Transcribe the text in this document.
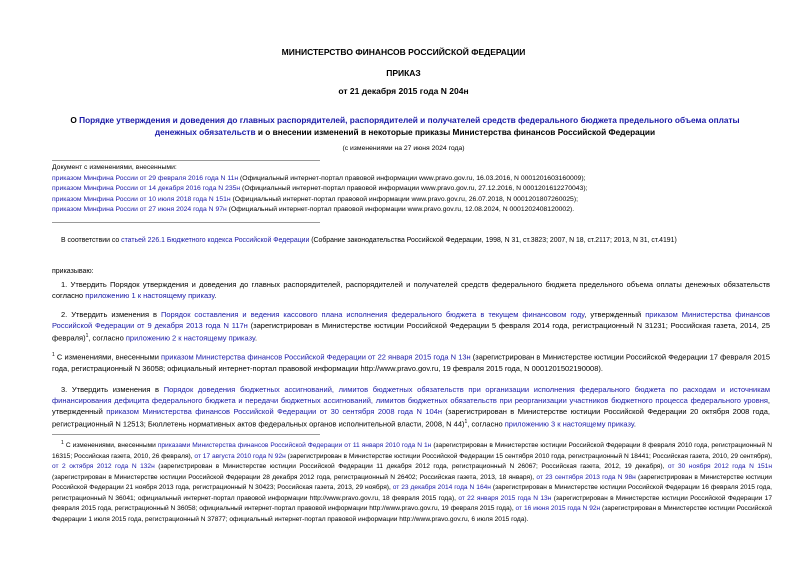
МИНИСТЕРСТВО ФИНАНСОВ РОССИЙСКОЙ ФЕДЕРАЦИИ
ПРИКАЗ
от 21 декабря 2015 года N 204н
О Порядке утверждения и доведения до главных распорядителей, распорядителей и получателей средств федерального бюджета предельного объема оплаты денежных обязательств и о внесении изменений в некоторые приказы Министерства финансов Российской Федерации
(с изменениями на 27 июня 2024 года)
Документ с изменениями, внесенными:
приказом Минфина России от 29 февраля 2016 года N 11н (Официальный интернет-портал правовой информации www.pravo.gov.ru, 16.03.2016, N 0001201603160009);
приказом Минфина России от 14 декабря 2016 года N 235н (Официальный интернет-портал правовой информации www.pravo.gov.ru, 27.12.2016, N 0001201612270043);
приказом Минфина России от 10 июля 2018 года N 151н (Официальный интернет-портал правовой информации www.pravo.gov.ru, 26.07.2018, N 0001201807260025);
приказом Минфина России от 27 июня 2024 года N 97н (Официальный интернет-портал правовой информации www.pravo.gov.ru, 12.08.2024, N 0001202408120002).
В соответствии со статьей 226.1 Бюджетного кодекса Российской Федерации (Собрание законодательства Российской Федерации, 1998, N 31, ст.3823; 2007, N 18, ст.2117; 2013, N 31, ст.4191)
приказываю:
1. Утвердить Порядок утверждения и доведения до главных распорядителей, распорядителей и получателей средств федерального бюджета предельного объема оплаты денежных обязательств согласно приложению 1 к настоящему приказу.
2. Утвердить изменения в Порядок составления и ведения кассового плана исполнения федерального бюджета в текущем финансовом году, утвержденный приказом Министерства финансов Российской Федерации от 9 декабря 2013 года N 117н (зарегистрирован в Министерстве юстиции Российской Федерации 5 февраля 2014 года, регистрационный N 31231; Российская газета, 2014, 25 февраля)$^1$, согласно приложению 2 к настоящему приказу.
$^1$ С изменениями, внесенными приказом Министерства финансов Российской Федерации от 22 января 2015 года N 13н (зарегистрирован в Министерстве юстиции Российской Федерации 17 февраля 2015 года, регистрационный N 36058; официальный интернет-портал правовой информации http://www.pravo.gov.ru, 19 февраля 2015 года, N 0001201502190008).
3. Утвердить изменения в Порядок доведения бюджетных ассигнований, лимитов бюджетных обязательств при организации исполнения федерального бюджета по расходам и источникам финансирования дефицита федерального бюджета и передачи бюджетных ассигнований, лимитов бюджетных обязательств при реорганизации участников бюджетного процесса федерального уровня, утвержденный приказом Министерства финансов Российской Федерации от 30 сентября 2008 года N 104н (зарегистрирован в Министерстве юстиции Российской Федерации 20 октября 2008 года, регистрационный N 12513; Бюллетень нормативных актов федеральных органов исполнительной власти, 2008, N 44)$^1$, согласно приложению 3 к настоящему приказу.
$^1$ С изменениями, внесенными приказами Министерства финансов Российской Федерации от 11 января 2010 года N 1н (зарегистрирован в Министерстве юстиции Российской Федерации 8 февраля 2010 года, регистрационный N 16315; Российская газета, 2010, 26 февраля), от 17 августа 2010 года N 92н (зарегистрирован в Министерстве юстиции Российской Федерации 15 сентября 2010 года, регистрационный N 18441; Российская газета, 2010, 29 сентября), от 2 октября 2012 года N 132н (зарегистрирован в Министерстве юстиции Российской Федерации 11 декабря 2012 года, регистрационный N 26067; Российская газета, 2012, 19 декабря), от 30 ноября 2012 года N 151н (зарегистрирован в Министерстве юстиции Российской Федерации 28 декабря 2012 года, регистрационный N 26402; Российская газета, 2013, 18 января), от 23 сентября 2013 года N 98н (зарегистрирован в Министерстве юстиции Российской Федерации 21 ноября 2013 года, регистрационный N 30423; Российская газета, 2013, 29 ноября), от 23 декабря 2014 года N 164н (зарегистрирован в Министерстве юстиции Российской Федерации 16 февраля 2015 года, регистрационный N 36041; официальный интернет-портал правовой информации http://www.pravo.gov.ru, 18 февраля 2015 года), от 22 января 2015 года N 13н (зарегистрирован в Министерстве юстиции Российской Федерации 17 февраля 2015 года, регистрационный N 36058; официальный интернет-портал правовой информации http://www.pravo.gov.ru, 19 февраля 2015 года), от 16 июня 2015 года N 92н (зарегистрирован в Министерстве юстиции Российской Федерации 1 июля 2015 года, регистрационный N 37877; официальный интернет-портал правовой информации http://www.pravo.gov.ru, 6 июля 2015 года).
